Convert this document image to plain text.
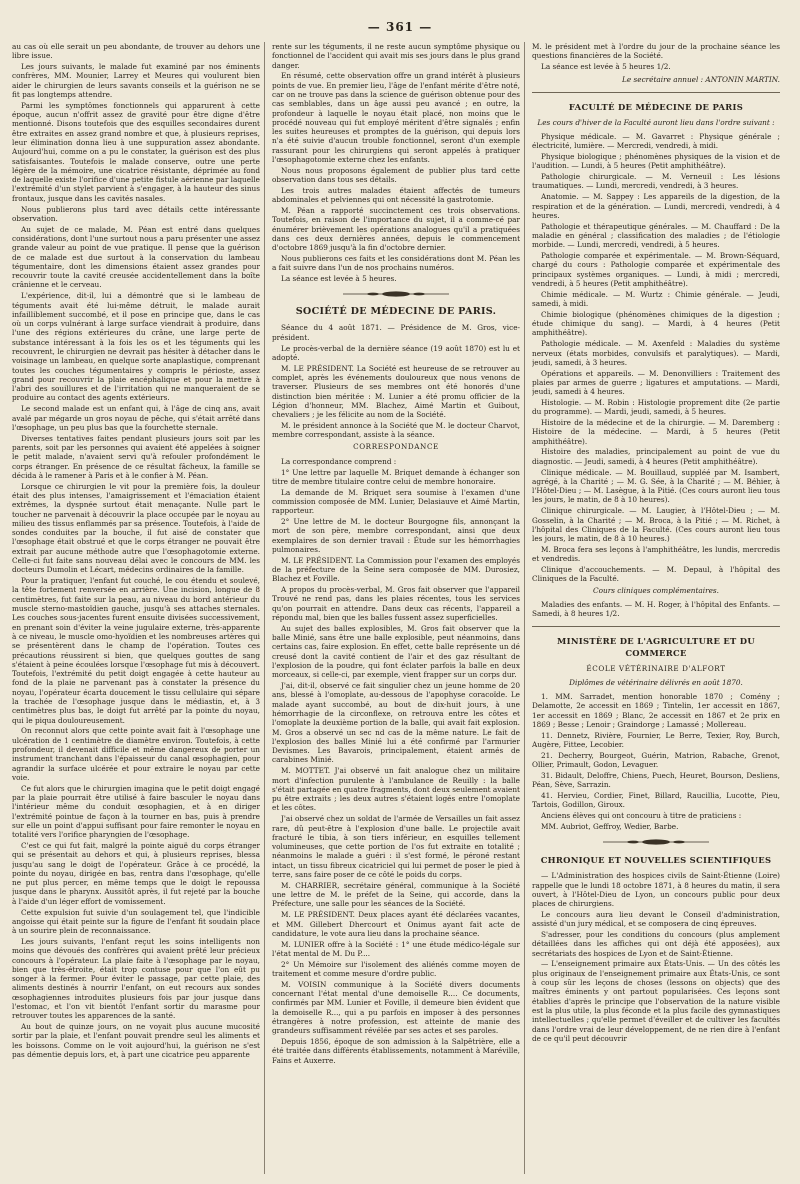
— 361 —

au cas où elle serait un peu abondante, de trouver au dehors une libre issue.

Les jours suivants, le malade fut examiné par nos éminents confrères, MM. Mounier, Larrey et Meures qui voulurent bien aider le chirurgien de leurs savants conseils et la guérison ne se fit pas longtemps attendre.

Parmi les symptômes fonctionnels qui apparurent à cette époque, aucun n'offrit assez de gravité pour être digne d'être mentionné. Disons toutefois que des esquilles secondaires durent être extraites en assez grand nombre et que, à plusieurs reprises, leur élimination donna lieu à une suppuration assez abondante. Aujourd'hui, comme on a pu le constater, la guérison est des plus satisfaisantes. Toutefois le malade conserve, outre une perte légère de la mémoire, une cicatrice résistante, déprimée au fond de laquelle existe l'orifice d'une petite fistule aérienne par laquelle l'extrémité d'un stylet parvient à s'engager, à la hauteur des sinus frontaux, jusque dans les cavités nasales.

Nous publierons plus tard avec détails cette intéressante observation.

Au sujet de ce malade, M. Péan est entré dans quelques considérations, dont l'une surtout nous a paru présenter une assez grande valeur au point de vue pratique. Il pense que la guérison de ce malade est due surtout à la conservation du lambeau tégumentaire, dont les dimensions étaient assez grandes pour recouvrir toute la cavité creusée accidentellement dans la boîte crânienne et le cerveau.

L'expérience, dit-il, lui a démontré que si le lambeau de téguments avait été lui-même détruit, le malade aurait infailliblement succombé, et il pose en principe que, dans le cas où un corps vulnérant à large surface viendrait à produire, dans l'une des régions extérieures du crâne, une large perte de substance intéressant à la fois les os et les téguments qui les recouvrent, le chirurgien ne devrait pas hésiter à détacher dans le voisinage un lambeau, en quelque sorte anaplastique, comprenant toutes les couches tégumentaires y compris le périoste, assez grand pour recouvrir la plaie encéphalique et pour la mettre à l'abri des souillures et de l'irritation qui ne manqueraient de se produire au contact des agents extérieurs.

Le second malade est un enfant qui, à l'âge de cinq ans, avait avalé par mégarde un gros noyau de pêche, qui s'était arrêté dans l'œsophage, un peu plus bas que la fourchette sternale.

Diverses tentatives faites pendant plusieurs jours soit par les parents, soit par les personnes qui avaient été appelées à soigner le petit malade, n'avaient servi qu'à refouler profondément le corps étranger. En présence de ce résultat fâcheux, la famille se décida à le ramener à Paris et à le confier à M. Péan.

Lorsque ce chirurgien le vit pour la première fois, la douleur était des plus intenses, l'amaigrissement et l'émaciation étaient extrêmes, la dyspnée surtout était menaçante. Nulle part le toucher ne parvenait à découvrir la place occupée par le noyau au milieu des tissus enflammés par sa présence. Toutefois, à l'aide de sondes conduites par la bouche, il fut aisé de constater que l'œsophage était obstrué et que le corps étranger ne pouvait être extrait par aucune méthode autre que l'œsophagotomie externe. Celle-ci fut faite sans nouveau délai avec le concours de MM. les docteurs Dumolin et Lécart, médecins ordinaires de la famille.

Pour la pratiquer, l'enfant fut couché, le cou étendu et soulevé, la tête fortement renversée en arrière. Une incision, longue de 8 centimètres, fut faite sur la peau, au niveau du bord antérieur du muscle sterno-mastoïdien gauche, jusqu'à ses attaches sternales. Les couches sous-jacentes furent ensuite divisées successivement, en prenant soin d'éviter la veine jugulaire externe, très-apparente à ce niveau, le muscle omo-hyoïdien et les nombreuses artères qui se présentèrent dans le champ de l'opération. Toutes ces précautions réussirent si bien, que quelques gouttes de sang s'étaient à peine écoulées lorsque l'œsophage fut mis à découvert. Toutefois, l'extrémité du petit doigt engagée à cette hauteur au fond de la plaie ne parvenant pas à constater la présence du noyau, l'opérateur écarta doucement le tissu cellulaire qui sépare la trachée de l'œsophage jusque dans le médiastin, et, à 3 centimètres plus bas, le doigt fut arrêté par la pointe du noyau, qui le piqua douloureusement.

On reconnut alors que cette pointe avait fait à l'œsophage une ulcération de 1 centimètre de diamètre environ. Toutefois, à cette profondeur, il devenait difficile et même dangereux de porter un instrument tranchant dans l'épaisseur du canal œsophagien, pour agrandir la surface ulcérée et pour extraire le noyau par cette voie.

Ce fut alors que le chirurgien imagina que le petit doigt engagé par la plaie pourrait être utilisé à faire basculer le noyau dans l'intérieur même du conduit œsophagien, et à en diriger l'extrémité pointue de façon à la tourner en bas, puis à prendre sur elle un point d'appui suffisant pour faire remonter le noyau en totalité vers l'orifice pharyngien de l'œsophage.

C'est ce qui fut fait, malgré la pointe aiguë du corps étranger qui se présentait au dehors et qui, à plusieurs reprises, blessa jusqu'au sang le doigt de l'opérateur. Grâce à ce procédé, la pointe du noyau, dirigée en bas, rentra dans l'œsophage, qu'elle ne put plus percer, en même temps que le doigt le repoussa jusque dans le pharynx. Aussitôt après, il fut rejeté par la bouche à l'aide d'un léger effort de vomissement.

Cette expulsion fut suivie d'un soulagement tel, que l'indicible angoisse qui était peinte sur la figure de l'enfant fit soudain place à un sourire plein de reconnaissance.

Les jours suivants, l'enfant reçut les soins intelligents non moins que dévoués des confrères qui avaient prêté leur précieux concours à l'opérateur. La plaie faite à l'œsophage par le noyau, bien que très-étroite, était trop contuse pour que l'on eût pu songer à la fermer. Pour éviter le passage, par cette plaie, des aliments destinés à nourrir l'enfant, on eut recours aux sondes œsophagiennes introduites plusieurs fois par jour jusque dans l'estomac, et l'on vit bientôt l'enfant sortir du marasme pour retrouver toutes les apparences de la santé.

Au bout de quinze jours, on ne voyait plus aucune mucosité sortir par la plaie, et l'enfant pouvait prendre seul les aliments et les boissons. Comme on le voit aujourd'hui, la guérison ne s'est pas démentie depuis lors, et, à part une cicatrice peu apparente

rente sur les téguments, il ne reste aucun symptôme physique ou fonctionnel de l'accident qui avait mis ses jours dans le plus grand danger.

En résumé, cette observation offre un grand intérêt à plusieurs points de vue. En premier lieu, l'âge de l'enfant mérite d'être noté, car on ne trouve pas dans la science de guérison obtenue pour des cas semblables, dans un âge aussi peu avancé ; en outre, la profondeur à laquelle le noyau était placé, non moins que le procédé nouveau qui fut employé méritent d'être signalés ; enfin les suites heureuses et promptes de la guérison, qui depuis lors n'a été suivie d'aucun trouble fonctionnel, seront d'un exemple rassurant pour les chirurgiens qui seront appelés à pratiquer l'œsophagotomie externe chez les enfants.

Nous nous proposons également de publier plus tard cette observation dans tous ses détails.

Les trois autres malades étaient affectés de tumeurs abdominales et pelviennes qui ont nécessité la gastrotomie.

M. Péan a rapporté succinctement ces trois observations. Toutefois, en raison de l'importance du sujet, il a comme-cé par énumérer brièvement les opérations analogues qu'il a pratiquées dans ces deux dernières années, depuis le commencement d'octobre 1869 jusqu'à la fin d'octobre dernier.

Nous publierons ces faits et les considérations dont M. Péan les a fait suivre dans l'un de nos prochains numéros.

La séance est levée à 5 heures.

SOCIÉTÉ DE MÉDECINE DE PARIS.

Séance du 4 août 1871. — Présidence de M. Gros, vice-président.

Le procès-verbal de la dernière séance (19 août 1870) est lu et adopté.

M. LE PRÉSIDENT. La Société est heureuse de se retrouver au complet, après les événements douloureux que nous venons de traverser. Plusieurs de ses membres ont été honorés d'une distinction bien méritée : M. Lunier a été promu officier de la Légion d'honneur, MM. Blachez, Aimé Martin et Guibout, chevaliers ; je les félicite au nom de la Société.

M. le président annonce à la Société que M. le docteur Charvot, membre correspondant, assiste à la séance.

CORRESPONDANCE

La correspondance comprend :

1° Une lettre par laquelle M. Briquet demande à échanger son titre de membre titulaire contre celui de membre honoraire.

La demande de M. Briquet sera soumise à l'examen d'une commission composée de MM. Lunier, Delasiauve et Aimé Martin, rapporteur.

2° Une lettre de M. le docteur Bourgogne fils, annonçant la mort de son père, membre correspondant, ainsi que deux exemplaires de son dernier travail : Étude sur les hémorrhagies pulmonaires.

M. LE PRÉSIDENT. La Commission pour l'examen des employés de la préfecture de la Seine sera composée de MM. Durosiez, Blachez et Foville.

A propos du procès-verbal, M. Gros fait observer que l'appareil Trouvé ne rend pas, dans les plaies récentes, tous les services qu'on pourrait en attendre. Dans deux cas récents, l'appareil a répondu mal, bien que les balles fussent assez superficielles.

Au sujet des balles explosibles, M. Gros fait observer que la balle Minié, sans être une balle explosible, peut néanmoins, dans certains cas, faire explosion. En effet, cette balle représente un dé creusé dont la cavité contient de l'air et des gaz résultant de l'explosion de la poudre, qui font éclater parfois la balle en deux morceaux, si celle-ci, par exemple, vient frapper sur un corps dur.

J'ai, dit-il, observé ce fait singulier chez un jeune homme de 20 ans, blessé à l'omoplate, au-dessous de l'apophyse coracoïde. Le malade ayant succombé, au bout de dix-huit jours, à une hémorrhagie de la circonflexe, on retrouva entre les côtes et l'omoplate la deuxième portion de la balle, qui avait fait explosion. M. Gros a observé un sec nd cas de la même nature. Le fait de l'explosion des balles Minié lui a été confirmé par l'armurier Devismes. Les Bavarois, principalement, étaient armés de carabines Minié.

M. MOTTET. J'ai observé un fait analogue chez un militaire mort d'infection purulente à l'ambulance de Reuilly : la balle s'était partagée en quatre fragments, dont deux seulement avaient pu être extraits ; les deux autres s'étaient logés entre l'omoplate et les côtes.

J'ai observé chez un soldat de l'armée de Versailles un fait assez rare, dû peut-être à l'explosion d'une balle. Le projectile avait fracturé le tibia, à son tiers inférieur, en esquilles tellement volumineuses, que cette portion de l'os fut extraite en totalité ; néanmoins le malade a guéri : il s'est formé, le péroné restant intact, un tissu fibreux cicatriciel qui lui permet de poser le pied à terre, sans faire poser de ce côté le poids du corps.

M. CHARRIER, secrétaire général, communique à la Société une lettre de M. le préfet de la Seine, qui accorde, dans la Préfecture, une salle pour les séances de la Société.

M. LE PRÉSIDENT. Deux places ayant été déclarées vacantes, et MM. Gillebert Dhercourt et Onimus ayant fait acte de candidature, le vote aura lieu dans la prochaine séance.

M. LUNIER offre à la Société : 1° une étude médico-légale sur l'état mental de M. Du P....

2° Un Mémoire sur l'isolement des aliénés comme moyen de traitement et comme mesure d'ordre public.

M. VOISIN communique à la Société divers documents concernant l'état mental d'une demoiselle R.... Ce documents, confirmés par MM. Lunier et Foville, il demeure bien évident que la demoiselle R..., qui a pu parfois en imposer à des personnes étrangères à notre profession, est atteinte de manie des grandeurs suffisamment révélée par ses actes et ses paroles.

Depuis 1856, époque de son admission à la Salpêtrière, elle a été traitée dans différents établissements, notamment à Maréville, Fains et Auxerre.

M. le président met à l'ordre du jour de la prochaine séance les questions financières de la Société.

La séance est levée à 5 heures 1/2.

Le secrétaire annuel : ANTONIN MARTIN.
FACULTÉ DE MÉDECINE DE PARIS
Les cours d'hiver de la Faculté auront lieu dans l'ordre suivant :

Physique médicale. — M. Gavarret : Physique générale ; électricité, lumière. — Mercredi, vendredi, à midi.

Physique biologique ; phénomènes physiques de la vision et de l'audition. — Lundi, à 5 heures (Petit amphithéâtre).

Pathologie chirurgicale. — M. Verneuil : Les lésions traumatiques. — Lundi, mercredi, vendredi, à 3 heures.

Anatomie. — M. Sappey : Les appareils de la digestion, de la respiration et de la génération. — Lundi, mercredi, vendredi, à 4 heures.

Pathologie et thérapeutique générales. — M. Chauffard : De la maladie en général ; classification des maladies ; de l'étiologie morbide. — Lundi, mercredi, vendredi, à 5 heures.

Pathologie comparée et expérimentale. — M. Brown-Séquard, chargé du cours : Pathologie comparée et expérimentale des principaux systèmes organiques. — Lundi, à midi ; mercredi, vendredi, à 5 heures (Petit amphithéâtre).

Chimie médicale. — M. Wurtz : Chimie générale. — Jeudi, samedi, à midi.

Chimie biologique (phénomènes chimiques de la digestion ; étude chimique du sang). — Mardi, à 4 heures (Petit amphithéâtre).

Pathologie médicale. — M. Axenfeld : Maladies du système nerveux (états morbides, convulsifs et paralytiques). — Mardi, jeudi, samedi, à 3 heures.

Opérations et appareils. — M. Denonvilliers : Traitement des plaies par armes de guerre ; ligatures et amputations. — Mardi, jeudi, samedi à 4 heures.

Histologie. — M. Robin : Histologie proprement dite (2e partie du programme). — Mardi, jeudi, samedi, à 5 heures.

Histoire de la médecine et de la chirurgie. — M. Daremberg : Histoire de la médecine. — Mardi, à 5 heures (Petit amphithéâtre).

Histoire des maladies, principalement au point de vue du diagnostic. — Jeudi, samedi, à 4 heures (Petit amphithéâtre).

Clinique médicale. — M. Bouillaud, suppléé par M. Isambert, agrégé, à la Charité ; — M. G. Sée, à la Charité ; — M. Béhier, à l'Hôtel-Dieu ; — M. Lasègue, à la Pitié. (Ces cours auront lieu tous les jours, le matin, de 8 à 10 heures).

Clinique chirurgicale. — M. Laugier, à l'Hôtel-Dieu ; — M. Gosselin, à la Charité ; — M. Broca, à la Pitié ; — M. Richet, à l'hôpital des Cliniques de la Faculté. (Ces cours auront lieu tous les jours, le matin, de 8 à 10 heures.)

M. Broca fera ses leçons à l'amphithéâtre, les lundis, mercredis et vendredis.

Clinique d'accouchements. — M. Depaul, à l'hôpital des Cliniques de la Faculté.

Cours cliniques complémentaires.

Maladies des enfants. — M. H. Roger, à l'hôpital des Enfants. — Samedi, à 8 heures 1/2.

MINISTÈRE DE L'AGRICULTURE ET DU COMMERCE
ÉCOLE VÉTÉRINAIRE D'ALFORT
Diplômes de vétérinaire délivrés en août 1870.

1. MM. Sarradet, mention honorable 1870 ; Comény ; Delamotte, 2e accessit en 1869 ; Tintelin, 1er accessit en 1867, 1er accessit en 1869 ; Blanc, 2e accessit en 1867 et 2e prix en 1869 ; Besse ; Lenoir ; Graindorge ; Lamassé ; Mollereau.

11. Dennetz, Rivière, Fournier, Le Berre, Texier, Roy, Burch, Augère, Fittee, Lecobier.

21. Decherry, Bourgeot, Guérin, Matrion, Rabache, Grenot, Ollier, Primault, Godon, Levaguer.

31. Bidault, Deloffre, Chiens, Puech, Heuret, Bourson, Desliens, Péan, Sève, Sarrazin.

41. Hervieu, Cordier, Finet, Billard, Raucillia, Lucotte, Pieu, Tartois, Godillon, Giroux.

Anciens élèves qui ont concouru à titre de praticiens :

MM. Aubriot, Geffroy, Wedier, Barbe.

CHRONIQUE ET NOUVELLES SCIENTIFIQUES

— L'Administration des hospices civils de Saint-Étienne (Loire) rappelle que le lundi 18 octobre 1871, à 8 heures du matin, il sera ouvert, à l'Hôtel-Dieu de Lyon, un concours public pour deux places de chirurgiens.

Le concours aura lieu devant le Conseil d'administration, assisté d'un jury médical, et se composera de cinq épreuves.

S'adresser, pour les conditions du concours (plus amplement détaillées dans les affiches qui ont déjà été apposées), aux secrétariats des hospices de Lyon et de Saint-Étienne.

— L'enseignement primaire aux États-Unis. — Un des côtés les plus originaux de l'enseignement primaire aux États-Unis, ce sont à coup sûr les leçons de choses (lessons on objects) que des maîtres éminents y ont partout popularisées. Ces leçons sont établies d'après le principe que l'observation de la nature visible est la plus utile, la plus féconde et la plus facile des gymnastiques intellectuelles ; qu'elle permet d'éveiller et de cultiver les facultés dans l'ordre vrai de leur développement, de ne rien dire à l'enfant de ce qu'il peut découvrir
